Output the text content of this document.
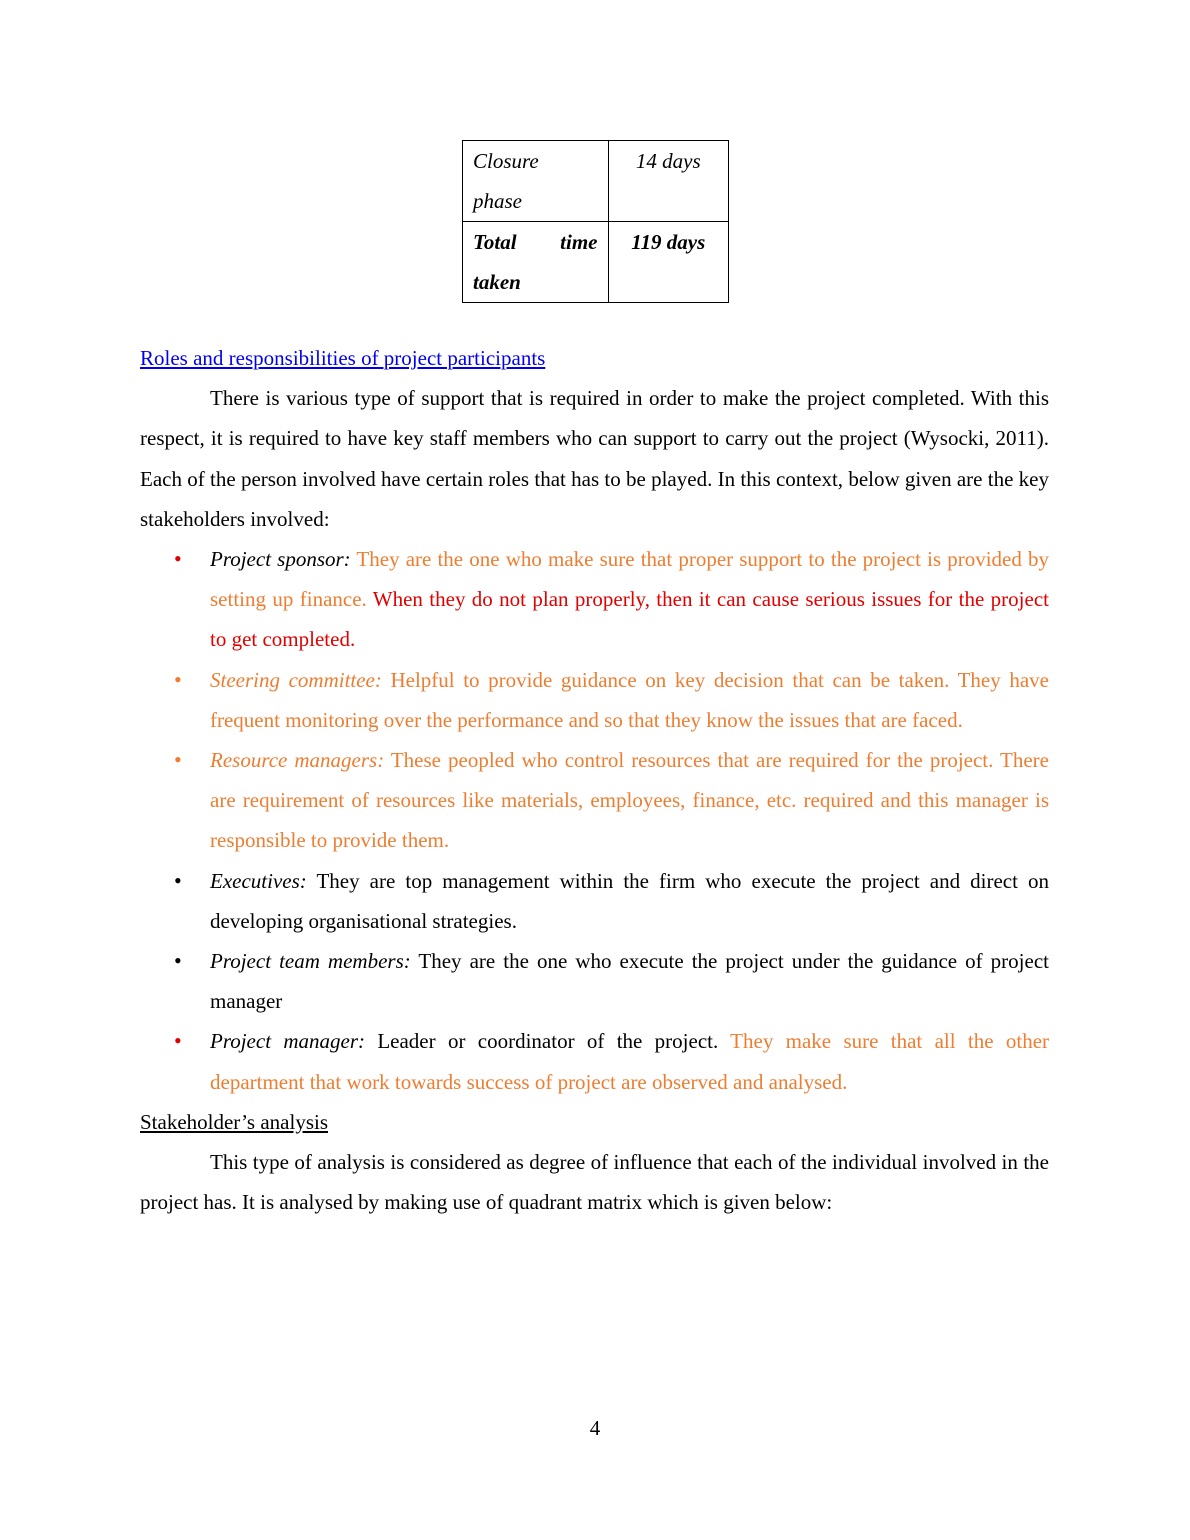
Closure
phase	14 days

Total time
taken	119 days
Roles and responsibilities of project participants

There is various type of support that is required in order to make the project completed. With this respect, it is required to have key staff members who can support to carry out the project (Wysocki, 2011). Each of the person involved have certain roles that has to be played. In this context, below given are the key stakeholders involved:

• Project sponsor: They are the one who make sure that proper support to the project is provided by setting up finance. When they do not plan properly, then it can cause serious issues for the project to get completed.
• Steering committee: Helpful to provide guidance on key decision that can be taken. They have frequent monitoring over the performance and so that they know the issues that are faced.
• Resource managers: These peopled who control resources that are required for the project. There are requirement of resources like materials, employees, finance, etc. required and this manager is responsible to provide them.
• Executives: They are top management within the firm who execute the project and direct on developing organisational strategies.
• Project team members: They are the one who execute the project under the guidance of project manager
• Project manager: Leader or coordinator of the project. They make sure that all the other department that work towards success of project are observed and analysed.
Stakeholder’s analysis

This type of analysis is considered as degree of influence that each of the individual involved in the project has. It is analysed by making use of quadrant matrix which is given below:

4
